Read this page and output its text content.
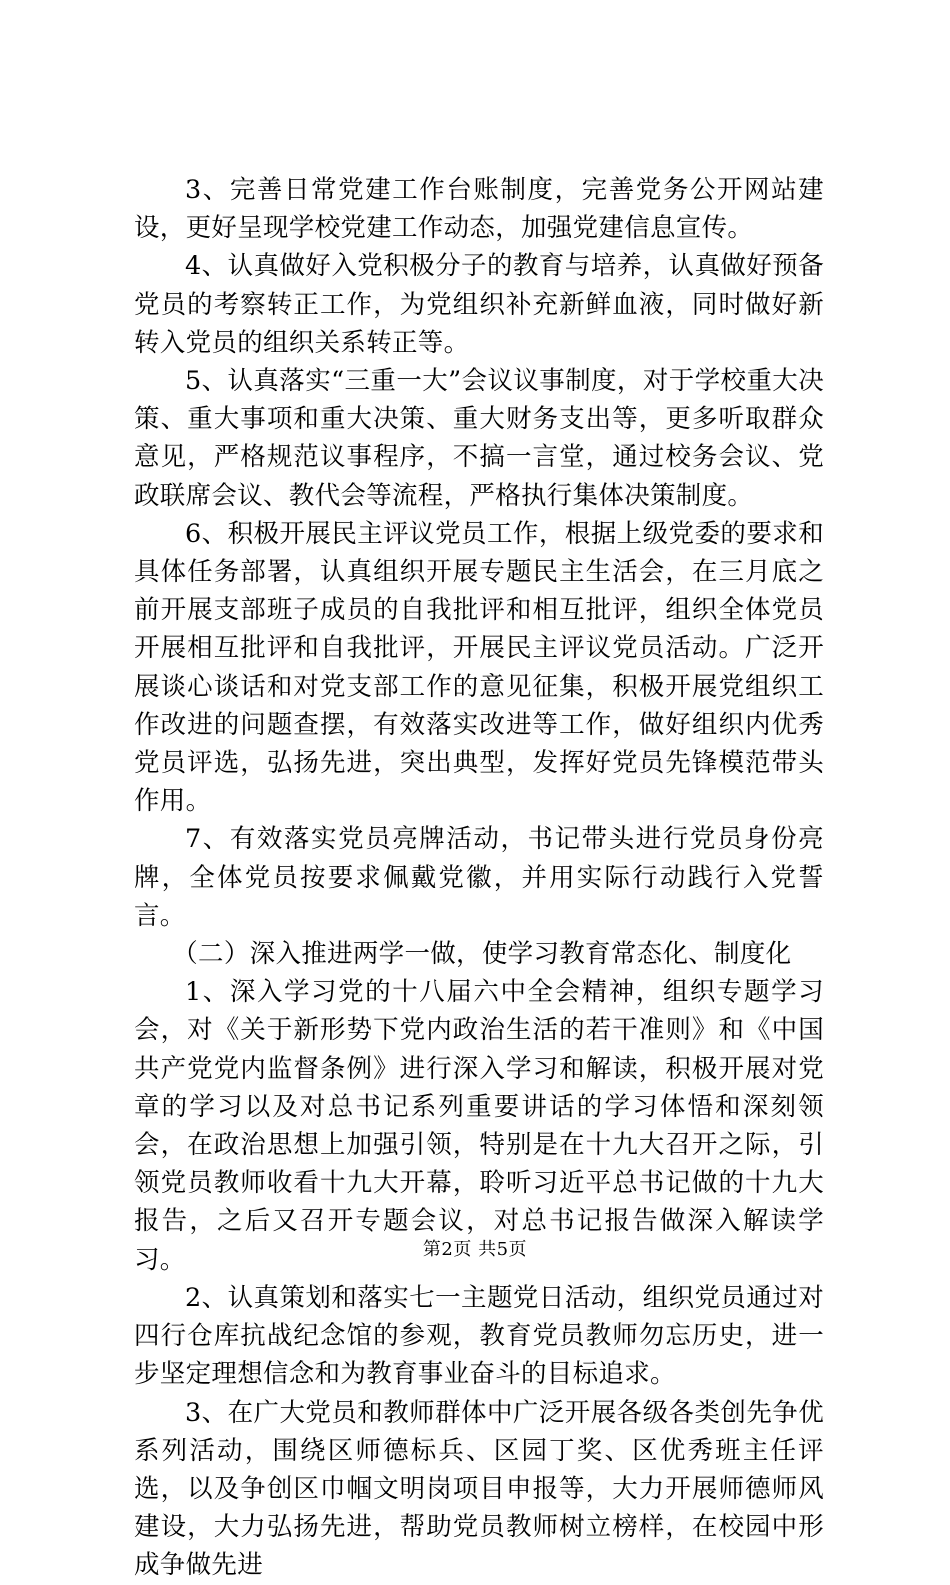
3、完善日常党建工作台账制度，完善党务公开网站建设，更好呈现学校党建工作动态，加强党建信息宣传。

4、认真做好入党积极分子的教育与培养，认真做好预备党员的考察转正工作，为党组织补充新鲜血液，同时做好新转入党员的组织关系转正等。

5、认真落实“三重一大”会议议事制度，对于学校重大决策、重大事项和重大决策、重大财务支出等，更多听取群众意见，严格规范议事程序，不搞一言堂，通过校务会议、党政联席会议、教代会等流程，严格执行集体决策制度。

6、积极开展民主评议党员工作，根据上级党委的要求和具体任务部署，认真组织开展专题民主生活会，在三月底之前开展支部班子成员的自我批评和相互批评，组织全体党员开展相互批评和自我批评，开展民主评议党员活动。广泛开展谈心谈话和对党支部工作的意见征集，积极开展党组织工作改进的问题查摆，有效落实改进等工作，做好组织内优秀党员评选，弘扬先进，突出典型，发挥好党员先锋模范带头作用。

7、有效落实党员亮牌活动，书记带头进行党员身份亮牌，全体党员按要求佩戴党徽，并用实际行动践行入党誓言。

（二）深入推进两学一做，使学习教育常态化、制度化

1、深入学习党的十八届六中全会精神，组织专题学习会，对《关于新形势下党内政治生活的若干准则》和《中国共产党党内监督条例》进行深入学习和解读，积极开展对党章的学习以及对总书记系列重要讲话的学习体悟和深刻领会，在政治思想上加强引领，特别是在十九大召开之际，引领党员教师收看十九大开幕，聆听习近平总书记做的十九大报告，之后又召开专题会议，对总书记报告做深入解读学习。

2、认真策划和落实七一主题党日活动，组织党员通过对四行仓库抗战纪念馆的参观，教育党员教师勿忘历史，进一步坚定理想信念和为教育事业奋斗的目标追求。

3、在广大党员和教师群体中广泛开展各级各类创先争优系列活动，围绕区师德标兵、区园丁奖、区优秀班主任评选，以及争创区巾帼文明岗项目申报等，大力开展师德师风建设，大力弘扬先进，帮助党员教师树立榜样，在校园中形成争做先进

第2页 共5页
